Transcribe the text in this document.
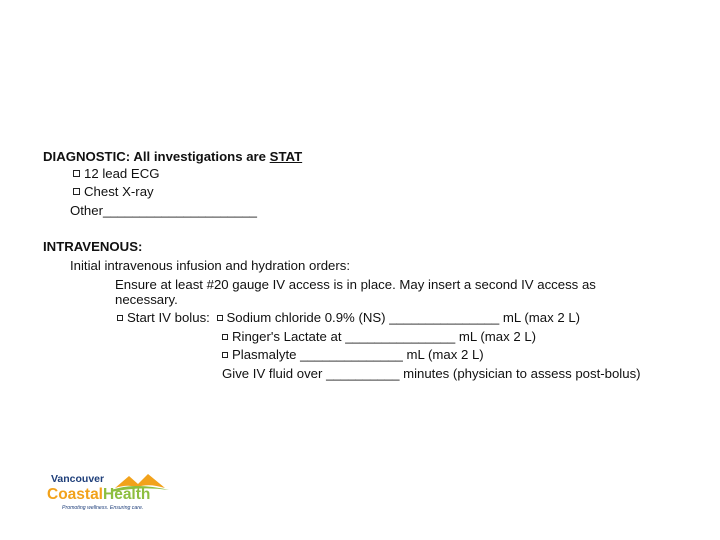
DIAGNOSTIC: All investigations are STAT
12 lead ECG
Chest X-ray
Other_____________________
INTRAVENOUS:
Initial intravenous infusion and hydration orders:
Ensure at least #20 gauge IV access is in place. May insert a second IV access as
necessary.
Start IV bolus: Sodium chloride 0.9% (NS) _______________ mL (max 2 L)
Ringer's Lactate at _______________ mL (max 2 L)
Plasmalyte ______________ mL (max 2 L)
Give IV fluid over __________ minutes (physician to assess post-bolus)
Vancouver
CoastalHealth
Promoting wellness. Ensuring care.
